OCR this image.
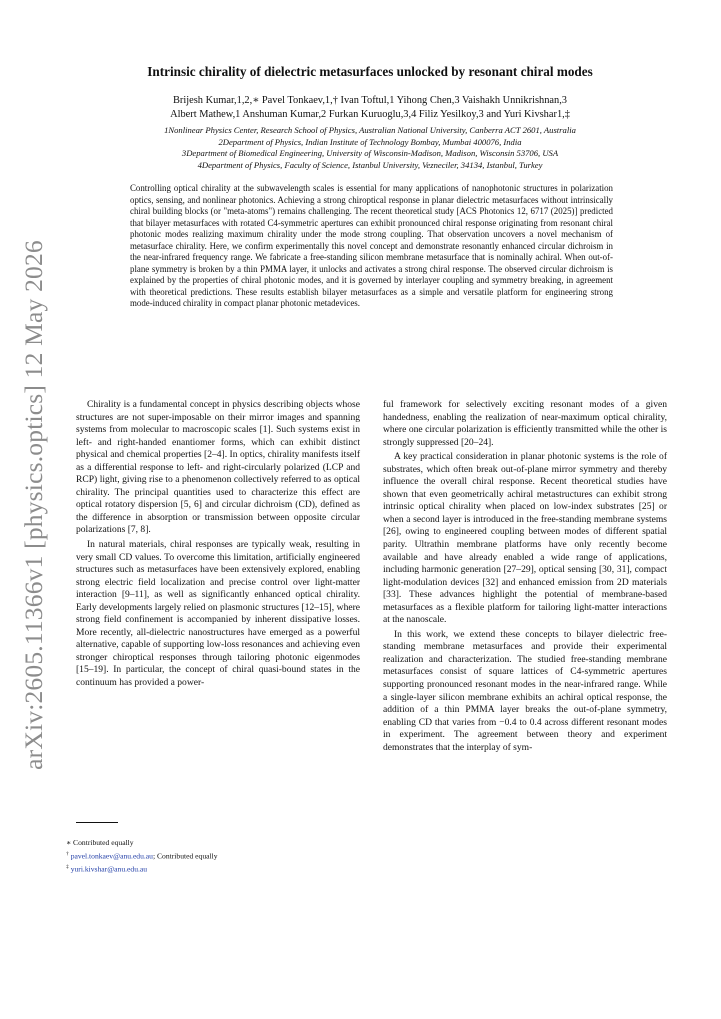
arXiv:2605.11366v1 [physics.optics] 12 May 2026
Intrinsic chirality of dielectric metasurfaces unlocked by resonant chiral modes
Brijesh Kumar,1,2,∗ Pavel Tonkaev,1,† Ivan Toftul,1 Yihong Chen,3 Vaishakh Unnikrishnan,3
Albert Mathew,1 Anshuman Kumar,2 Furkan Kuruoglu,3,4 Filiz Yesilkoy,3 and Yuri Kivshar1,‡
1Nonlinear Physics Center, Research School of Physics, Australian National University, Canberra ACT 2601, Australia
2Department of Physics, Indian Institute of Technology Bombay, Mumbai 400076, India
3Department of Biomedical Engineering, University of Wisconsin-Madison, Madison, Wisconsin 53706, USA
4Department of Physics, Faculty of Science, Istanbul University, Vezneciler, 34134, Istanbul, Turkey
Controlling optical chirality at the subwavelength scales is essential for many applications of nanophotonic structures in polarization optics, sensing, and nonlinear photonics. Achieving a strong chiroptical response in planar dielectric metasurfaces without intrinsically chiral building blocks (or "meta-atoms") remains challenging. The recent theoretical study [ACS Photonics 12, 6717 (2025)] predicted that bilayer metasurfaces with rotated C4-symmetric apertures can exhibit pronounced chiral response originating from resonant chiral photonic modes realizing maximum chirality under the mode strong coupling. That observation uncovers a novel mechanism of metasurface chirality. Here, we confirm experimentally this novel concept and demonstrate resonantly enhanced circular dichroism in the near-infrared frequency range. We fabricate a free-standing silicon membrane metasurface that is nominally achiral. When out-of-plane symmetry is broken by a thin PMMA layer, it unlocks and activates a strong chiral response. The observed circular dichroism is explained by the properties of chiral photonic modes, and it is governed by interlayer coupling and symmetry breaking, in agreement with theoretical predictions. These results establish bilayer metasurfaces as a simple and versatile platform for engineering strong mode-induced chirality in compact planar photonic metadevices.

Chirality is a fundamental concept in physics describing objects whose structures are not super-imposable on their mirror images and spanning systems from molecular to macroscopic scales [1]. Such systems exist in left- and right-handed enantiomer forms, which can exhibit distinct physical and chemical properties [2–4]. In optics, chirality manifests itself as a differential response to left- and right-circularly polarized (LCP and RCP) light, giving rise to a phenomenon collectively referred to as optical chirality. The principal quantities used to characterize this effect are optical rotatory dispersion [5, 6] and circular dichroism (CD), defined as the difference in absorption or transmission between opposite circular polarizations [7, 8].

In natural materials, chiral responses are typically weak, resulting in very small CD values. To overcome this limitation, artificially engineered structures such as metasurfaces have been extensively explored, enabling strong electric field localization and precise control over light-matter interaction [9–11], as well as significantly enhanced optical chirality. Early developments largely relied on plasmonic structures [12–15], where strong field confinement is accompanied by inherent dissipative losses. More recently, all-dielectric nanostructures have emerged as a powerful alternative, capable of supporting low-loss resonances and achieving even stronger chiroptical responses through tailoring photonic eigenmodes [15–19]. In particular, the concept of chiral quasi-bound states in the continuum has provided a power-

ful framework for selectively exciting resonant modes of a given handedness, enabling the realization of near-maximum optical chirality, where one circular polarization is efficiently transmitted while the other is strongly suppressed [20–24].

A key practical consideration in planar photonic systems is the role of substrates, which often break out-of-plane mirror symmetry and thereby influence the overall chiral response. Recent theoretical studies have shown that even geometrically achiral metastructures can exhibit strong intrinsic optical chirality when placed on low-index substrates [25] or when a second layer is introduced in the free-standing membrane systems [26], owing to engineered coupling between modes of different spatial parity. Ultrathin membrane platforms have only recently become available and have already enabled a wide range of applications, including harmonic generation [27–29], optical sensing [30, 31], compact light-modulation devices [32] and enhanced emission from 2D materials [33]. These advances highlight the potential of membrane-based metasurfaces as a flexible platform for tailoring light-matter interactions at the nanoscale.

In this work, we extend these concepts to bilayer dielectric free-standing membrane metasurfaces and provide their experimental realization and characterization. The studied free-standing membrane metasurfaces consist of square lattices of C4-symmetric apertures supporting pronounced resonant modes in the near-infrared range. While a single-layer silicon membrane exhibits an achiral optical response, the addition of a thin PMMA layer breaks the out-of-plane symmetry, enabling CD that varies from −0.4 to 0.4 across different resonant modes in experiment. The agreement between theory and experiment demonstrates that the interplay of sym-

∗ Contributed equally
† pavel.tonkaev@anu.edu.au; Contributed equally
‡ yuri.kivshar@anu.edu.au
